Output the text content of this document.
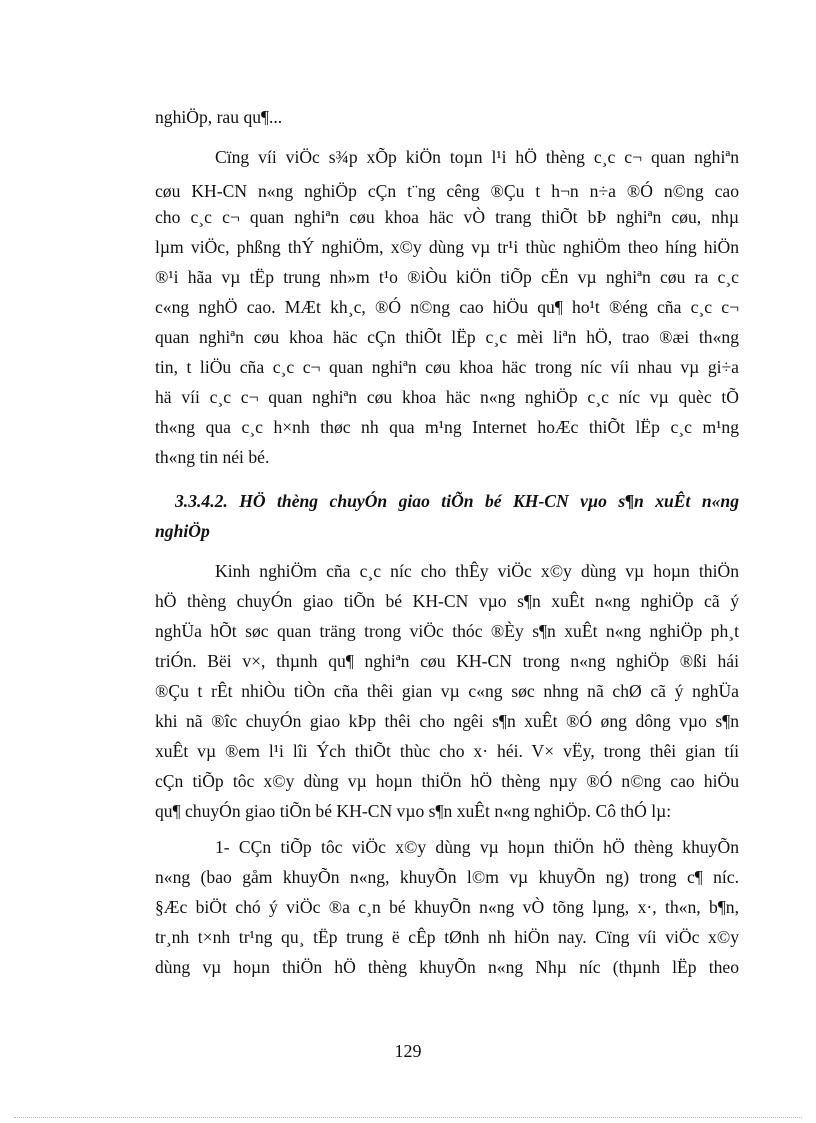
nghiÖp, rau qu¶...
Cïng víi viÖc s¾p xÕp kiÖn toµn l¹i hÖ thèng c¸c c¬ quan nghiªn
cøu KH-CN n«ng nghiÖp cÇn t¨ng cêng ®Çu t h¬n n÷a ®Ó n©ng cao
cho c¸c c¬ quan nghiªn cøu khoa häc vÒ trang thiÕt bÞ nghiªn cøu, nhµ
lµm viÖc, phßng thÝ nghiÖm, x©y dùng vµ tr¹i thùc nghiÖm theo híng hiÖn
®¹i hãa vµ tËp trung nh»m t¹o ®iÒu kiÖn tiÕp cËn vµ nghiªn cøu ra c¸c
c«ng nghÖ cao. MÆt kh¸c, ®Ó n©ng cao hiÖu qu¶ ho¹t ®éng cña c¸c c¬
quan nghiªn cøu khoa häc cÇn thiÕt lËp c¸c mèi liªn hÖ, trao ®æi th«ng
tin, t liÖu cña c¸c c¬ quan nghiªn cøu khoa häc trong níc víi nhau vµ gi÷a
hä víi c¸c c¬ quan nghiªn cøu khoa häc n«ng nghiÖp c¸c níc vµ quèc tÕ
th«ng qua c¸c h×nh thøc nh qua m¹ng Internet hoÆc thiÕt lËp c¸c m¹ng
th«ng tin néi bé.
3.3.4.2. HÖ thèng chuyÓn giao tiÕn bé KH-CN vµo s¶n xuÊt n«ng
nghiÖp
Kinh nghiÖm cña c¸c níc cho thÊy viÖc x©y dùng vµ hoµn thiÖn
hÖ thèng chuyÓn giao tiÕn bé KH-CN vµo s¶n xuÊt n«ng nghiÖp cã ý
nghÜa hÕt søc quan träng trong viÖc thóc ®Èy s¶n xuÊt n«ng nghiÖp ph¸t
triÓn. Bëi v×, thµnh qu¶ nghiªn cøu KH-CN trong n«ng nghiÖp ®ßi hái
®Çu t rÊt nhiÒu tiÒn cña thêi gian vµ c«ng søc nhng nã chØ cã ý nghÜa
khi nã ®îc chuyÓn giao kÞp thêi cho ngêi s¶n xuÊt ®Ó øng dông vµo s¶n
xuÊt vµ ®em l¹i lîi Ých thiÕt thùc cho x· héi. V× vËy, trong thêi gian tíi
cÇn tiÕp tôc x©y dùng vµ hoµn thiÖn hÖ thèng nµy ®Ó n©ng cao hiÖu
qu¶ chuyÓn giao tiÕn bé KH-CN vµo s¶n xuÊt n«ng nghiÖp. Cô thÓ lµ:
1- CÇn tiÕp tôc viÖc x©y dùng vµ hoµn thiÖn hÖ thèng khuyÕn
n«ng (bao gåm khuyÕn n«ng, khuyÕn l©m vµ khuyÕn ng) trong c¶ níc.
§Æc biÖt chó ý viÖc ®a c¸n bé khuyÕn n«ng vÒ tõng lµng, x·, th«n, b¶n,
tr¸nh t×nh tr¹ng qu¸ tËp trung ë cÊp tØnh nh hiÖn nay. Cïng víi viÖc x©y
dùng vµ hoµn thiÖn hÖ thèng khuyÕn n«ng Nhµ níc (thµnh lËp theo
129
